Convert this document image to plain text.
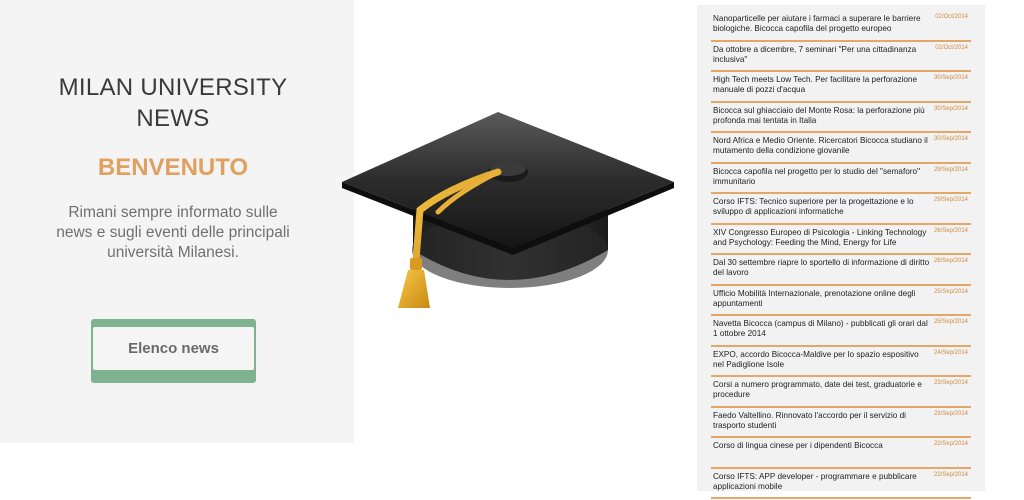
MILAN UNIVERSITY
NEWS
BENVENUTO
Rimani sempre informato sulle news e sugli eventi delle principali università Milanesi.
Elenco news
Nanoparticelle per aiutare i farmaci a superare le barriere biologiche. Bicocca capofila del progetto europeo
02/Oct/2014
Da ottobre a dicembre, 7 seminari "Per una cittadinanza inclusiva"
02/Oct/2014
High Tech meets Low Tech. Per facilitare la perforazione manuale di pozzi d'acqua
30/Sep/2014
Bicocca sul ghiacciaio del Monte Rosa: la perforazione più profonda mai tentata in Italia
30/Sep/2014
Nord Africa e Medio Oriente. Ricercatori Bicocca studiano il mutamento della condizione giovanile
30/Sep/2014
Bicocca capofila nel progetto per lo studio del "semaforo" immunitario
29/Sep/2014
Corso IFTS: Tecnico superiore per la progettazione e lo sviluppo di applicazioni informatiche
29/Sep/2014
XIV Congresso Europeo di Psicologia - Linking Technology and Psychology: Feeding the Mind, Energy for Life
26/Sep/2014
Dal 30 settembre riapre lo sportello di informazione di diritto del lavoro
26/Sep/2014
Ufficio Mobilità Internazionale, prenotazione online degli appuntamenti
25/Sep/2014
Navetta Bicocca (campus di Milano) - pubblicati gli orari dal 1 ottobre 2014
25/Sep/2014
EXPO, accordo Bicocca-Maldive per lo spazio espositivo nel Padiglione Isole
24/Sep/2014
Corsi a numero programmato, date dei test, graduatorie e procedure
23/Sep/2014
Faedo Valtellino. Rinnovato l'accordo per il servizio di trasporto studenti
23/Sep/2014
Corso di lingua cinese per i dipendenti Bicocca	22/Sep/2014
Corso IFTS: APP developer - programmare e pubblicare applicazioni mobile
22/Sep/2014
